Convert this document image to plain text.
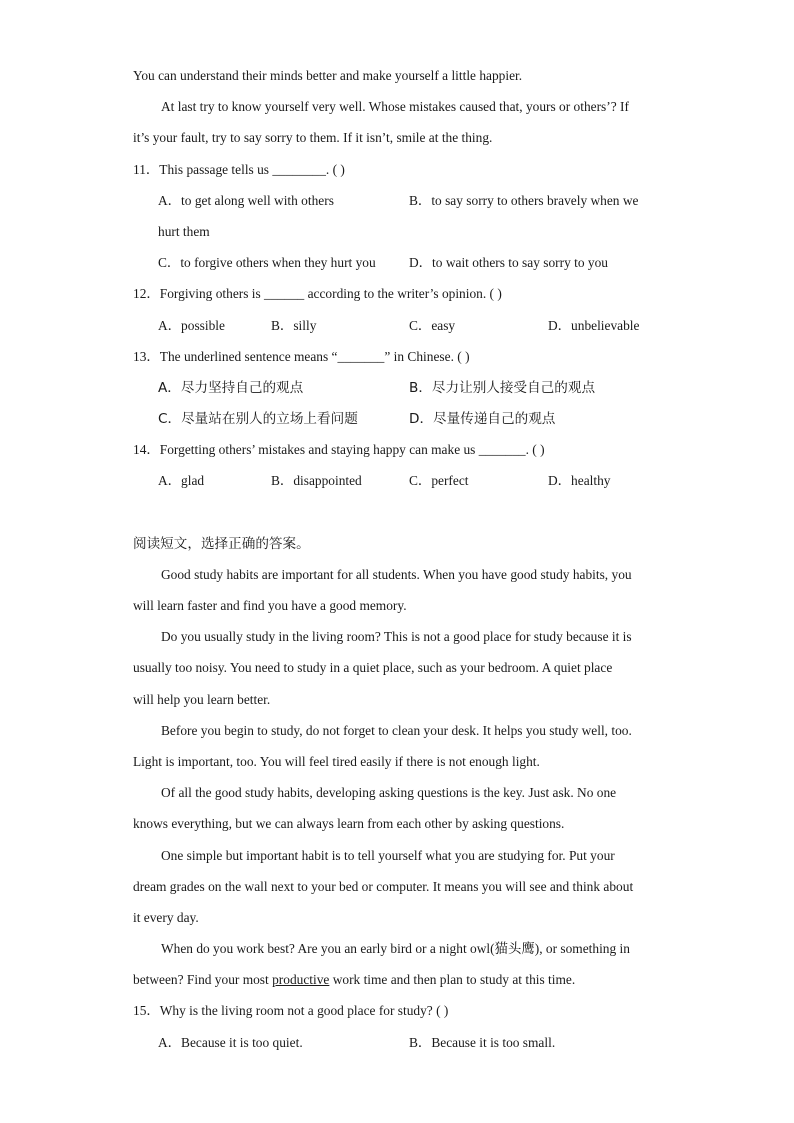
You can understand their minds better and make yourself a little happier.
At last try to know yourself very well. Whose mistakes caused that, yours or others’? If
it’s your fault, try to say sorry to them. If it isn’t, smile at the thing.
11．This passage tells us ________. ( )
A．to get along well with others	B．to say sorry to others bravely when we
hurt them
C．to forgive others when they hurt you D．to wait others to say sorry to you
12．Forgiving others is ______ according to the writer’s opinion. ( )
A．possible	B．silly	C．easy	D．unbelievable
13．The underlined sentence means “_______” in Chinese. ( )
A．尽力坚持自己的观点	B．尽力让别人接受自己的观点
C．尽量站在别人的立场上看问题	D．尽量传递自己的观点
14．Forgetting others’ mistakes and staying happy can make us _______. ( )
A．glad	B．disappointed	C．perfect	D．healthy
阅读短文，选择正确的答案。
Good study habits are important for all students. When you have good study habits, you
will learn faster and find you have a good memory.
Do you usually study in the living room? This is not a good place for study because it is
usually too noisy. You need to study in a quiet place, such as your bedroom. A quiet place
will help you learn better.
Before you begin to study, do not forget to clean your desk. It helps you study well, too.
Light is important, too. You will feel tired easily if there is not enough light.
Of all the good study habits, developing asking questions is the key. Just ask. No one
knows everything, but we can always learn from each other by asking questions.
One simple but important habit is to tell yourself what you are studying for. Put your
dream grades on the wall next to your bed or computer. It means you will see and think about
it every day.
When do you work best? Are you an early bird or a night owl(猫头鹰), or something in
between? Find your most productive work time and then plan to study at this time.
15．Why is the living room not a good place for study? ( )
A．Because it is too quiet.	B．Because it is too small.
